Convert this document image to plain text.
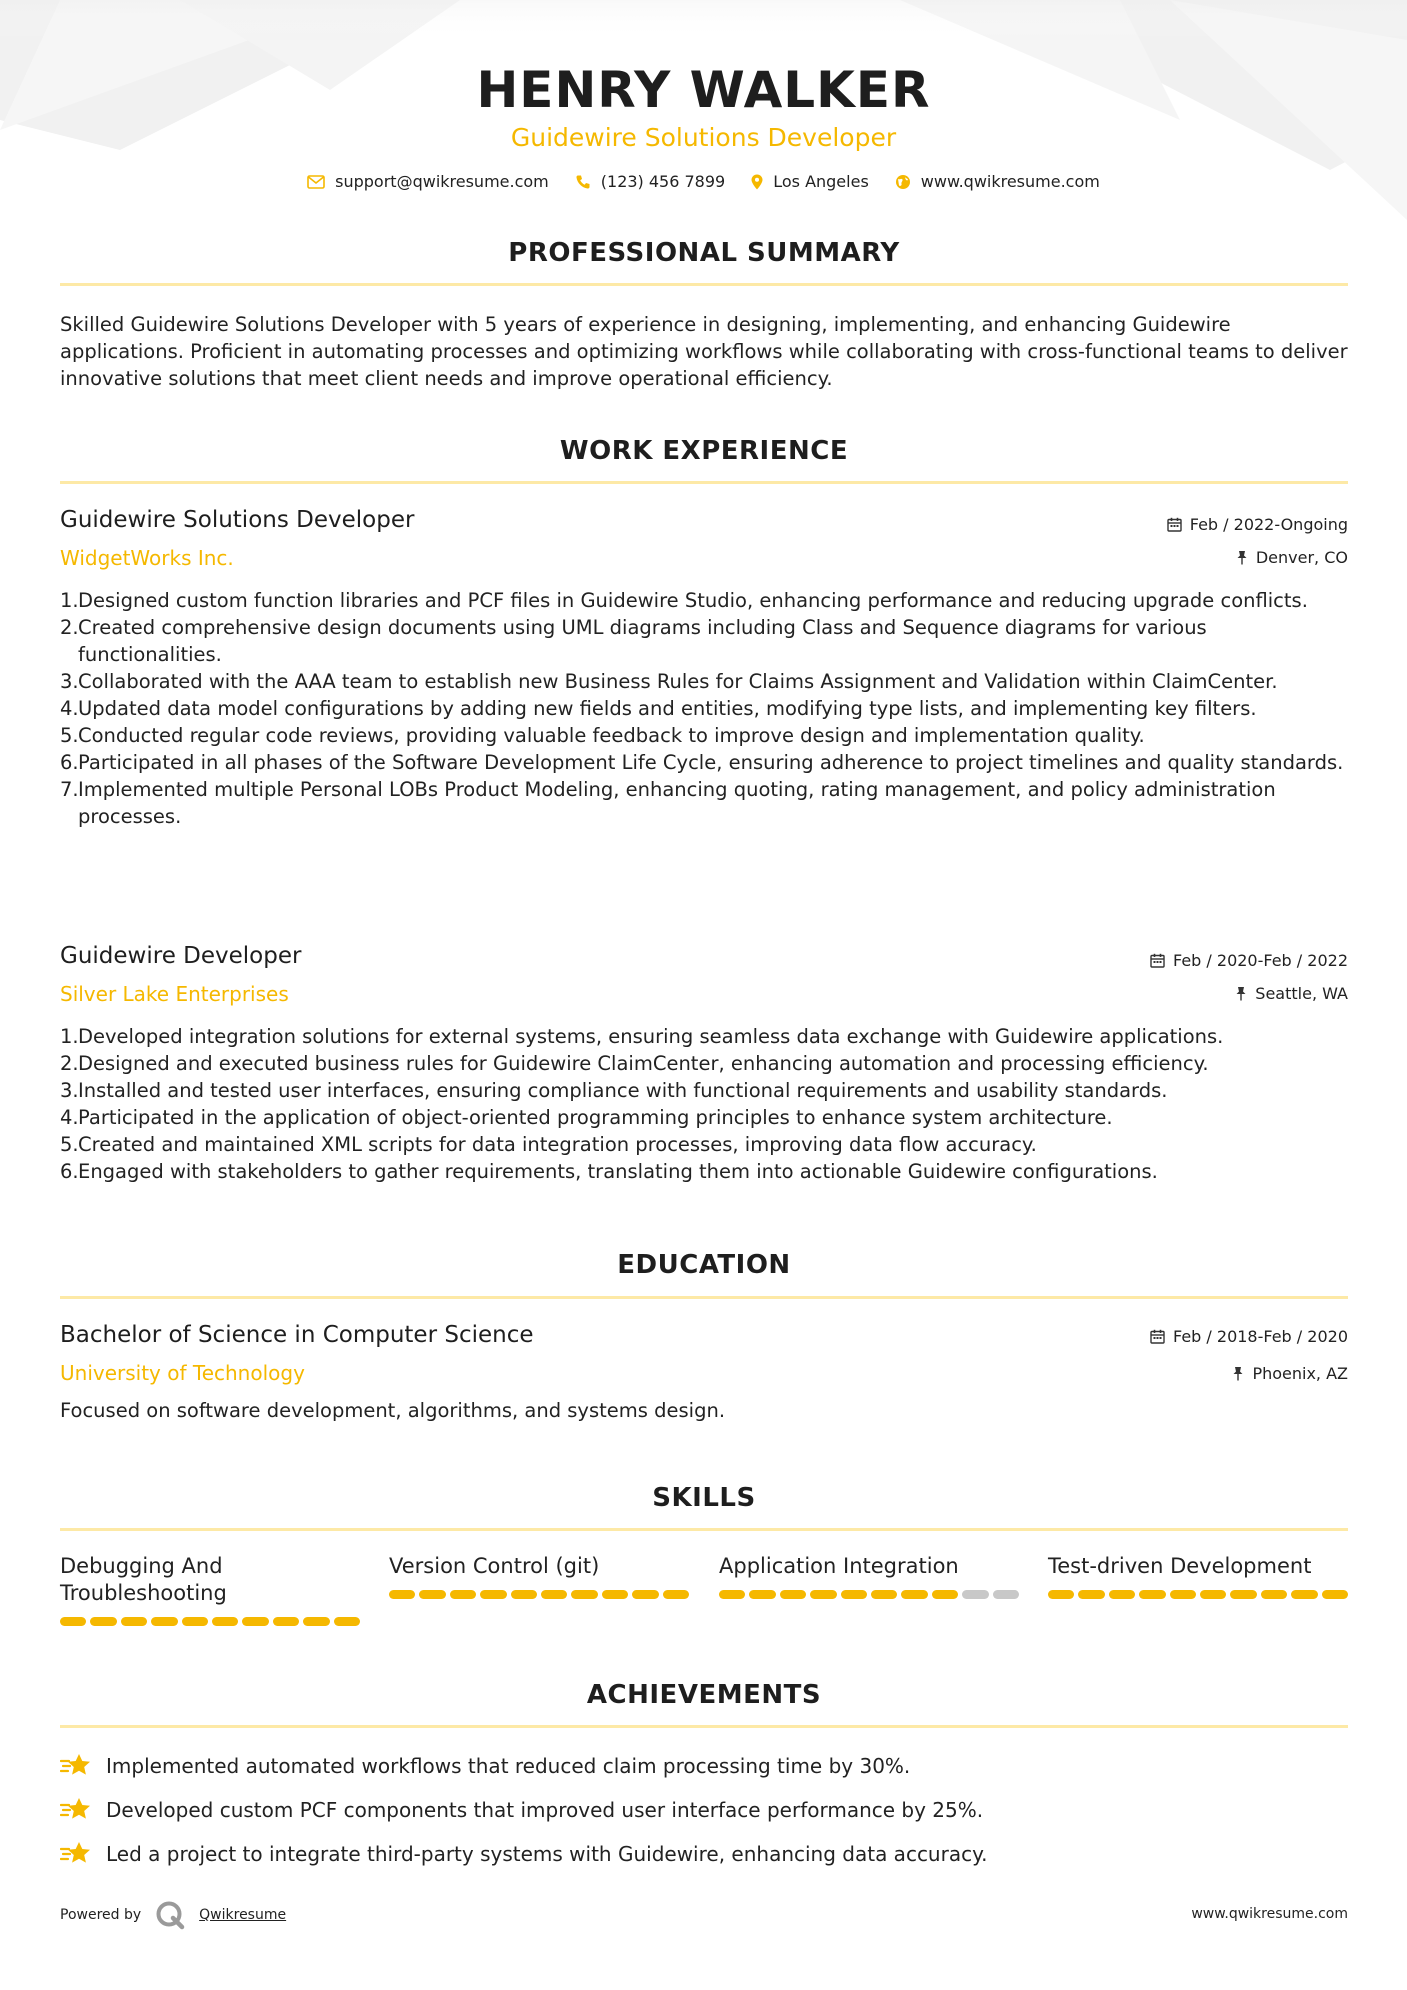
HENRY WALKER
Guidewire Solutions Developer
support@qwikresume.com	(123) 456 7899	Los Angeles	www.qwikresume.com
PROFESSIONAL SUMMARY
Skilled Guidewire Solutions Developer with 5 years of experience in designing, implementing, and enhancing Guidewire applications. Proficient in automating processes and optimizing workflows while collaborating with cross-functional teams to deliver innovative solutions that meet client needs and improve operational efficiency.
WORK EXPERIENCE
Guidewire Solutions Developer
WidgetWorks Inc.
Feb / 2022-Ongoing
Denver, CO
1. Designed custom function libraries and PCF files in Guidewire Studio, enhancing performance and reducing upgrade conflicts.
2. Created comprehensive design documents using UML diagrams including Class and Sequence diagrams for various functionalities.
3. Collaborated with the AAA team to establish new Business Rules for Claims Assignment and Validation within ClaimCenter.
4. Updated data model configurations by adding new fields and entities, modifying type lists, and implementing key filters.
5. Conducted regular code reviews, providing valuable feedback to improve design and implementation quality.
6. Participated in all phases of the Software Development Life Cycle, ensuring adherence to project timelines and quality standards.
7. Implemented multiple Personal LOBs Product Modeling, enhancing quoting, rating management, and policy administration processes.
Guidewire Developer
Silver Lake Enterprises
Feb / 2020-Feb / 2022
Seattle, WA
1. Developed integration solutions for external systems, ensuring seamless data exchange with Guidewire applications.
2. Designed and executed business rules for Guidewire ClaimCenter, enhancing automation and processing efficiency.
3. Installed and tested user interfaces, ensuring compliance with functional requirements and usability standards.
4. Participated in the application of object-oriented programming principles to enhance system architecture.
5. Created and maintained XML scripts for data integration processes, improving data flow accuracy.
6. Engaged with stakeholders to gather requirements, translating them into actionable Guidewire configurations.
EDUCATION
Bachelor of Science in Computer Science
University of Technology
Feb / 2018-Feb / 2020
Phoenix, AZ
Focused on software development, algorithms, and systems design.
SKILLS
Debugging And
Troubleshooting
Version Control (git)	Application Integration	Test-driven Development
ACHIEVEMENTS
Implemented automated workflows that reduced claim processing time by 30%.
Developed custom PCF components that improved user interface performance by 25%.
Led a project to integrate third-party systems with Guidewire, enhancing data accuracy.
Powered by	Qwikresume	www.qwikresume.com
